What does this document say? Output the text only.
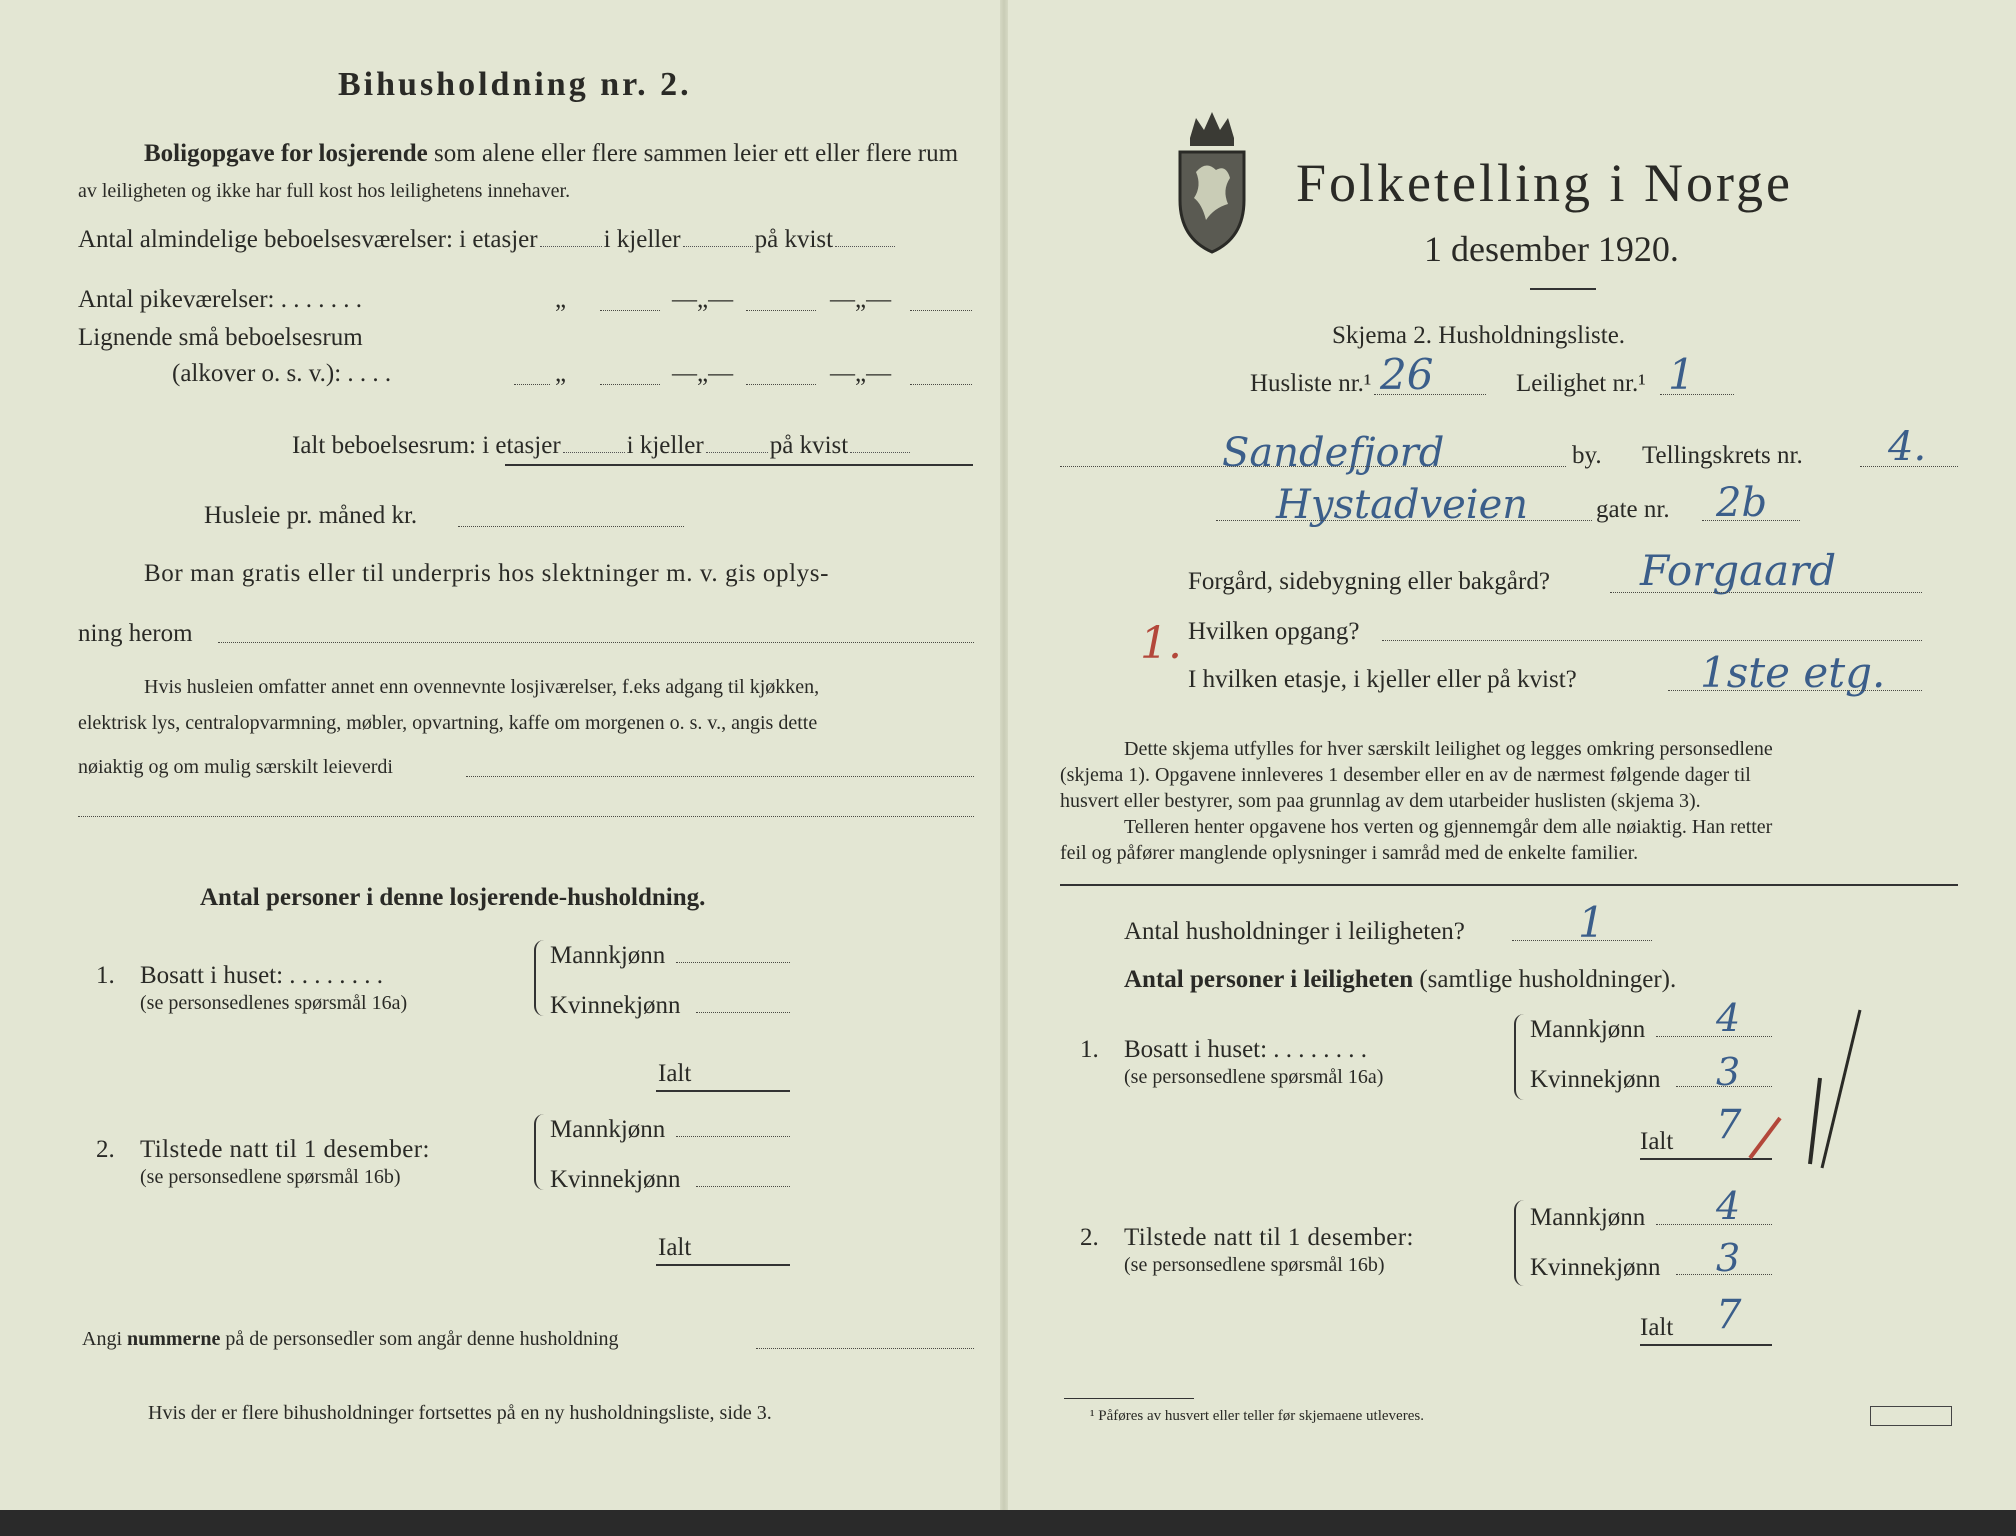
Bihusholdning nr. 2.
Boligopgave for losjerende som alene eller flere sammen leier ett eller flere rum
av leiligheten og ikke har full kost hos leilighetens innehaver.
Antal almindelige beboelsesværelser: i etasjer	i kjeller	på kvist
Antal pikeværelser: . . . . . . .	„	—„—	—„—
Lignende små beboelsesrum
(alkover o. s. v.): . . . .	„	—„—	—„—
Ialt beboelsesrum: i etasjer	i kjeller	på kvist
Husleie pr. måned kr.
Bor man gratis eller til underpris hos slektninger m. v. gis oplys-
ning herom
Hvis husleien omfatter annet enn ovennevnte losjiværelser, f.eks adgang til kjøkken,
elektrisk lys, centralopvarmning, møbler, opvartning, kaffe om morgenen o. s. v., angis dette
nøiaktig og om mulig særskilt leieverdi
Antal personer i denne losjerende-husholdning.
1. Bosatt i huset: . . . . . . . .
(se personsedlenes spørsmål 16a)
Mannkjønn
Kvinnekjønn
Ialt
2. Tilstede natt til 1 desember:
(se personsedlene spørsmål 16b)
Mannkjønn
Kvinnekjønn
Ialt
Angi nummerne på de personsedler som angår denne husholdning
Hvis der er flere bihusholdninger fortsettes på en ny husholdningsliste, side 3.
Folketelling i Norge
1 desember 1920.
Skjema 2. Husholdningsliste.
Husliste nr.¹ 26	Leilighet nr.¹ 1
Sandefjord	by. Tellingskrets nr. 4.
Hystadveien	gate nr. 2b
Forgård, sidebygning eller bakgård? Forgaard
1. Hvilken opgang?
I hvilken etasje, i kjeller eller på kvist?	1ste etg.
Dette skjema utfylles for hver særskilt leilighet og legges omkring personsedlene
(skjema 1). Opgavene innleveres 1 desember eller en av de nærmest følgende dager til
husvert eller bestyrer, som paa grunnlag av dem utarbeider huslisten (skjema 3).
Telleren henter opgavene hos verten og gjennemgår dem alle nøiaktig. Han retter
feil og påfører manglende oplysninger i samråd med de enkelte familier.
Antal husholdninger i leiligheten?	1
Antal personer i leiligheten (samtlige husholdninger).
1. Bosatt i huset: . . . . . . . .
(se personsedlene spørsmål 16a)
Mannkjønn 4
Kvinnekjønn 3
Ialt 7
2. Tilstede natt til 1 desember:
(se personsedlene spørsmål 16b)
Mannkjønn 4
Kvinnekjønn 3
Ialt 7
¹ Påføres av husvert eller teller før skjemaene utleveres.
